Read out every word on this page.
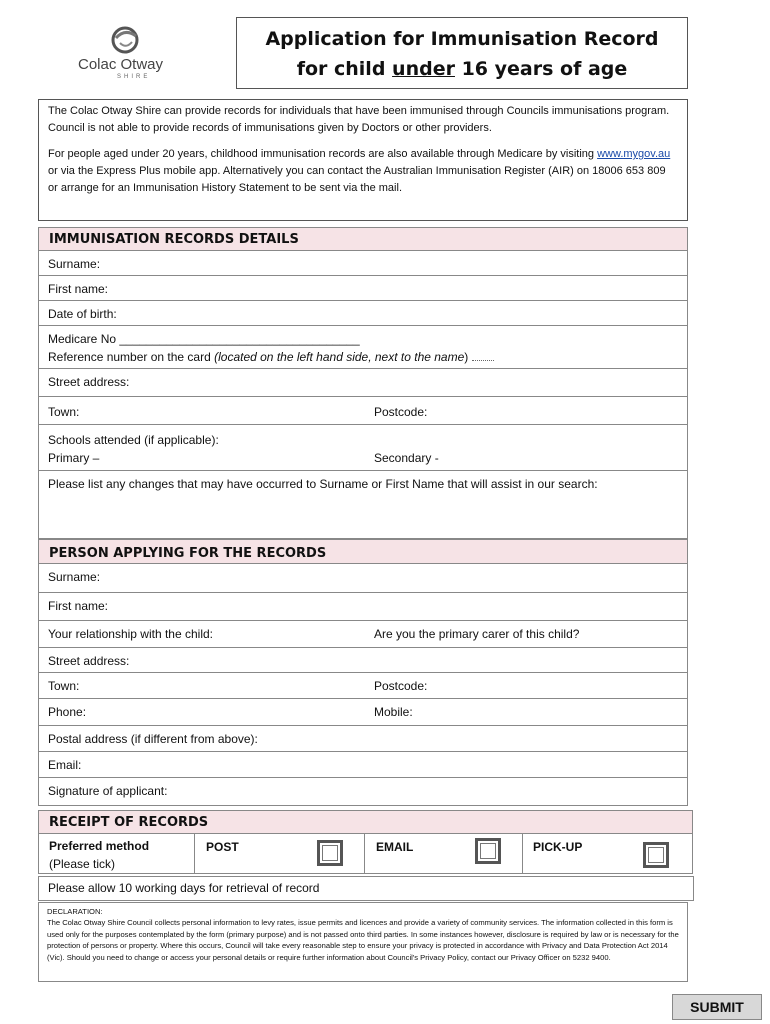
Colac Otway
SHIRE
Application for Immunisation Record
for child under 16 years of age

The Colac Otway Shire can provide records for individuals that have been immunised through Councils immunisations program. Council is not able to provide records of immunisations given by Doctors or other providers.

For people aged under 20 years, childhood immunisation records are also available through Medicare by visiting www.mygov.au or via the Express Plus mobile app. Alternatively you can contact the Australian Immunisation Register (AIR) on 18006 653 809 or arrange for an Immunisation History Statement to be sent via the mail.

IMMUNISATION RECORDS DETAILS
Surname:
First name:
Date of birth:
Medicare No ____________________________________
Reference number on the card (located on the left hand side, next to the name)
Street address:
Town:	Postcode:
Schools attended (if applicable):
Primary –	Secondary -
Please list any changes that may have occurred to Surname or First Name that will assist in our search:
PERSON APPLYING FOR THE RECORDS
Surname:
First name:
Your relationship with the child:	Are you the primary carer of this child?
Street address:
Town:	Postcode:
Phone:	Mobile:
Postal address (if different from above):
Email:
Signature of applicant:
RECEIPT OF RECORDS
Preferred method
(Please tick)
POST	EMAIL	PICK-UP
Please allow 10 working days for retrieval of record
DECLARATION:
The Colac Otway Shire Council collects personal information to levy rates, issue permits and licences and provide a variety of community services. The information collected in this form is used only for the purposes contemplated by the form (primary purpose) and is not passed onto third parties. In some instances however, disclosure is required by law or is necessary for the protection of persons or property. Where this occurs, Council will take every reasonable step to ensure your privacy is protected in accordance with Privacy and Data Protection Act 2014 (Vic). Should you need to change or access your personal details or require further information about Council's Privacy Policy, contact our Privacy Officer on 5232 9400.
SUBMIT
